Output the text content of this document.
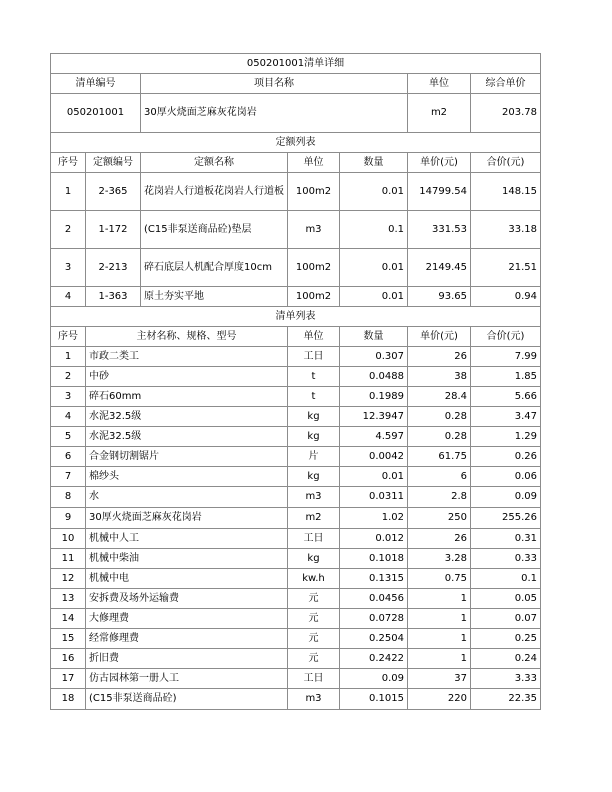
050201001清单详细						
清单编号		项目名称			单位	综合单价
050201001		30厚火烧面芝麻灰花岗岩			m2	203.78
定额列表						
序号	定额编号	定额名称	单位	数量	单价(元)	合价(元)
1	2-365	花岗岩人行道板花岗岩人行道板	100m2	0.01	14799.54	148.15
2	1-172	(C15非泵送商品砼)垫层	m3	0.1	331.53	33.18
3	2-213	碎石底层人机配合厚度10cm	100m2	0.01	2149.45	21.51
4	1-363	原土夯实平地	100m2	0.01	93.65	0.94
清单列表						
序号	主材名称、规格、型号		单位	数量	单价(元)	合价(元)
1	市政二类工		工日	0.307	26	7.99
2	中砂		t	0.0488	38	1.85
3	碎石60mm		t	0.1989	28.4	5.66
4	水泥32.5级		kg	12.3947	0.28	3.47
5	水泥32.5级		kg	4.597	0.28	1.29
6	合金钢切割锯片		片	0.0042	61.75	0.26
7	棉纱头		kg	0.01	6	0.06
8	水		m3	0.0311	2.8	0.09
9	30厚火烧面芝麻灰花岗岩		m2	1.02	250	255.26
10	机械中人工		工日	0.012	26	0.31
11	机械中柴油		kg	0.1018	3.28	0.33
12	机械中电		kw.h	0.1315	0.75	0.1
13	安拆费及场外运输费		元	0.0456	1	0.05
14	大修理费		元	0.0728	1	0.07
15	经常修理费		元	0.2504	1	0.25
16	折旧费		元	0.2422	1	0.24
17	仿古园林第一册人工		工日	0.09	37	3.33
18	(C15非泵送商品砼)		m3	0.1015	220	22.35
